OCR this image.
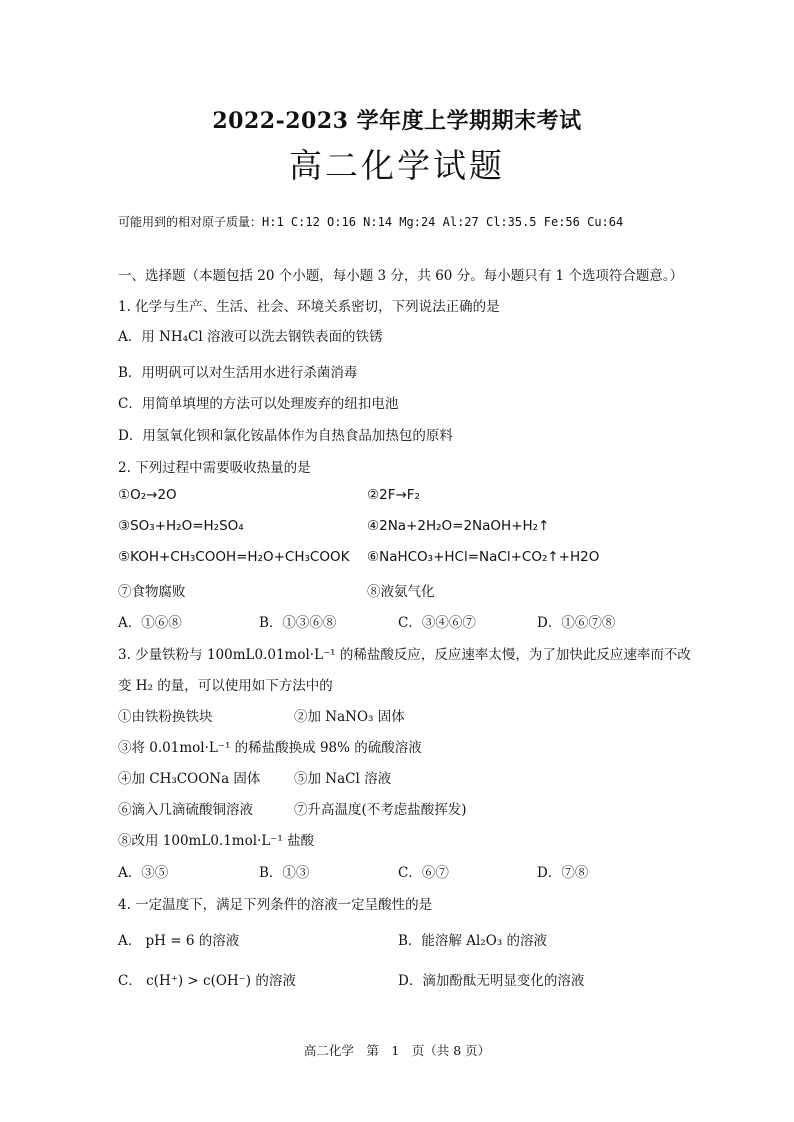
2022-2023 学年度上学期期末考试
高二化学试题
可能用到的相对原子质量：H:1 C:12 O:16 N:14 Mg:24 Al:27 Cl:35.5 Fe:56 Cu:64
一、选择题（本题包括 20 个小题，每小题 3 分，共 60 分。每小题只有 1 个选项符合题意。）
1. 化学与生产、生活、社会、环境关系密切，下列说法正确的是
A．用 NH₄Cl 溶液可以洗去钢铁表面的铁锈
B．用明矾可以对生活用水进行杀菌消毒
C．用简单填埋的方法可以处理废弃的纽扣电池
D．用氢氧化钡和氯化铵晶体作为自热食品加热包的原料
2. 下列过程中需要吸收热量的是
①O₂→2O	②2F→F₂
③SO₃+H₂O=H₂SO₄	④2Na+2H₂O=2NaOH+H₂↑
⑤KOH+CH₃COOH=H₂O+CH₃COOK ⑥NaHCO₃+HCl=NaCl+CO₂↑+H2O
⑦食物腐败	⑧液氨气化
A．①⑥⑧	B．①③⑥⑧	C．③④⑥⑦	D．①⑥⑦⑧
3. 少量铁粉与 100mL0.01mol·L⁻¹ 的稀盐酸反应，反应速率太慢，为了加快此反应速率而不改
变 H₂ 的量，可以使用如下方法中的
①由铁粉换铁块	②加 NaNO₃ 固体
③将 0.01mol·L⁻¹ 的稀盐酸换成 98% 的硫酸溶液
④加 CH₃COONa 固体 ⑤加 NaCl 溶液
⑥滴入几滴硫酸铜溶液	⑦升高温度(不考虑盐酸挥发)
⑧改用 100mL0.1mol·L⁻¹ 盐酸
A．③⑤	B．①③	C．⑥⑦	D．⑦⑧
4. 一定温度下，满足下列条件的溶液一定呈酸性的是
A． pH = 6 的溶液	B．能溶解 Al₂O₃ 的溶液
C． c(H⁺) > c(OH⁻) 的溶液	D．滴加酚酞无明显变化的溶液
高二化学　第　1　页（共 8 页）
